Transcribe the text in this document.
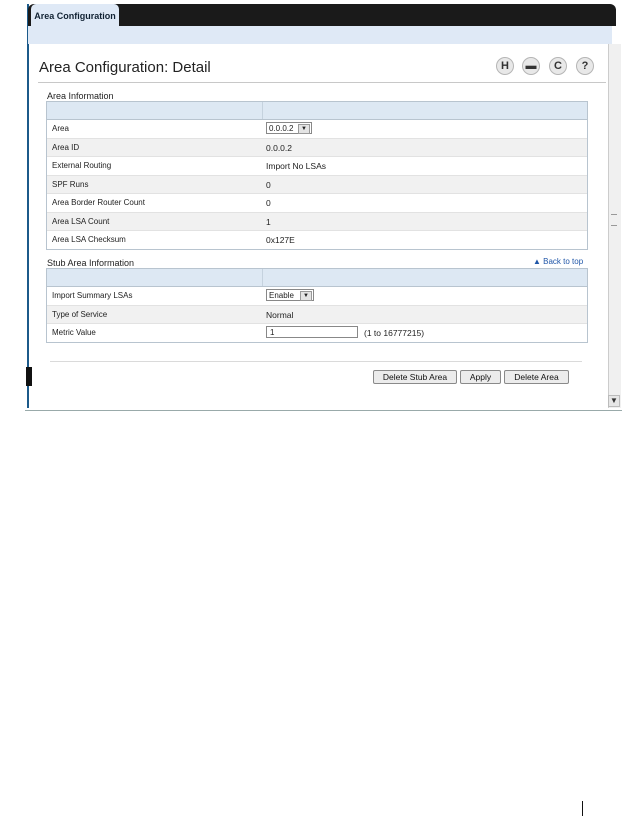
Area Configuration
▼
Area Configuration: Detail	H	▬	C	?
Area Information
Area	0.0.0.2	▼
Area ID	0.0.0.2
External Routing	Import No LSAs
SPF Runs	0
Area Border Router Count	0
Area LSA Count	1
Area LSA Checksum	0x127E
Stub Area Information	▲ Back to top
Import Summary LSAs	Enable	▼
Type of Service	Normal
Metric Value	1	(1 to 16777215)
Delete Stub Area	Apply	Delete Area
